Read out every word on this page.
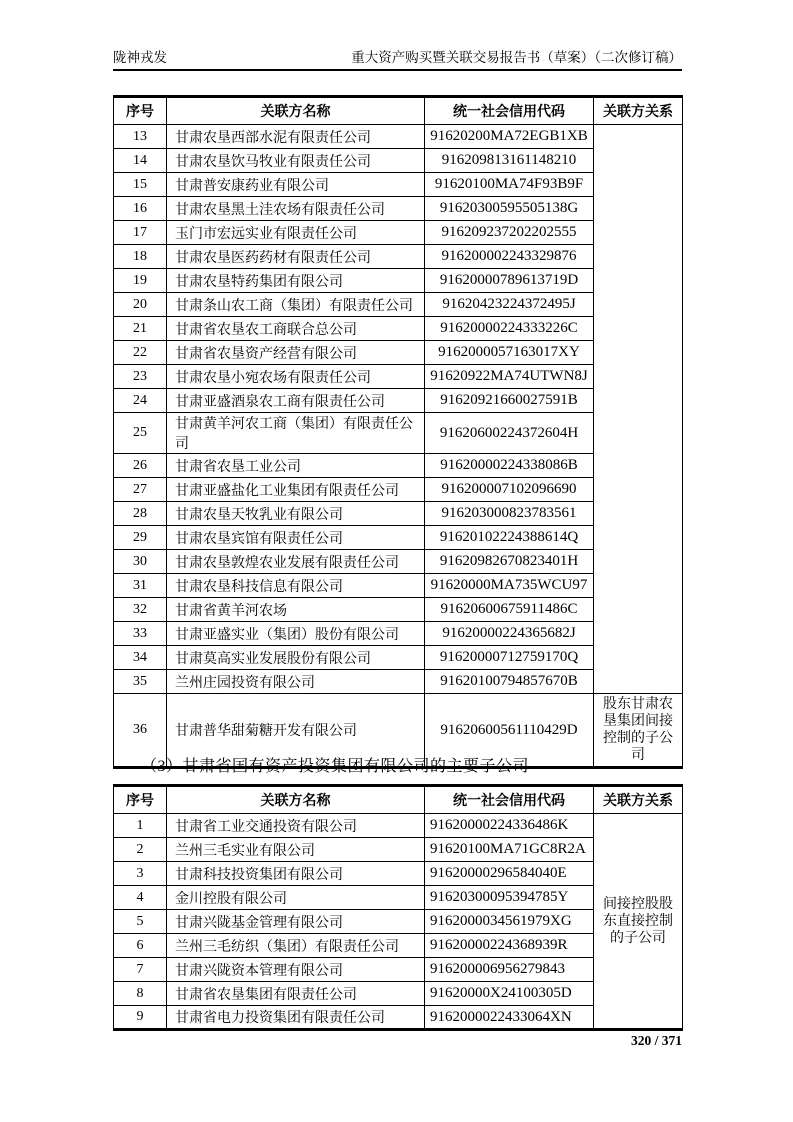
陇神戎发	重大资产购买暨关联交易报告书（草案）（二次修订稿）
序号	关联方名称	统一社会信用代码	关联方关系
13	甘肃农垦西部水泥有限责任公司	91620200MA72EGB1XB	
14	甘肃农垦饮马牧业有限责任公司	916209813161148210	
15	甘肃普安康药业有限公司	91620100MA74F93B9F	
16	甘肃农垦黑土洼农场有限责任公司	91620300595505138G	
17	玉门市宏远实业有限责任公司	916209237202202555	
18	甘肃农垦医药药材有限责任公司	916200002243329876	
19	甘肃农垦特药集团有限公司	91620000789613719D	
20	甘肃条山农工商（集团）有限责任公司	91620423224372495J	
21	甘肃省农垦农工商联合总公司	91620000224333226C	
22	甘肃省农垦资产经营有限公司	9162000057163017XY	
23	甘肃农垦小宛农场有限责任公司	91620922MA74UTWN8J	
24	甘肃亚盛酒泉农工商有限责任公司	91620921660027591B	
25	甘肃黄羊河农工商（集团）有限责任公司	91620600224372604H	
26	甘肃省农垦工业公司	91620000224338086B	
27	甘肃亚盛盐化工业集团有限责任公司	916200007102096690	
28	甘肃农垦天牧乳业有限公司	916203000823783561	
29	甘肃农垦宾馆有限责任公司	91620102224388614Q	
30	甘肃农垦敦煌农业发展有限责任公司	91620982670823401H	
31	甘肃农垦科技信息有限公司	91620000MA735WCU97	
32	甘肃省黄羊河农场	91620600675911486C	
33	甘肃亚盛实业（集团）股份有限公司	91620000224365682J	
34	甘肃莫高实业发展股份有限公司	91620000712759170Q	
35	兰州庄园投资有限公司	91620100794857670B	
36	甘肃普华甜菊糖开发有限公司	91620600561110429D	股东甘肃农垦集团间接控制的子公司
（3）甘肃省国有资产投资集团有限公司的主要子公司
序号	关联方名称	统一社会信用代码	关联方关系
1	甘肃省工业交通投资有限公司	91620000224336486K	间接控股股东直接控制的子公司
2	兰州三毛实业有限公司	91620100MA71GC8R2A	
3	甘肃科技投资集团有限公司	91620000296584040E	
4	金川控股有限公司	91620300095394785Y	
5	甘肃兴陇基金管理有限公司	9162000034561979XG	
6	兰州三毛纺织（集团）有限责任公司	91620000224368939R	
7	甘肃兴陇资本管理有限公司	916200006956279843	
8	甘肃省农垦集团有限责任公司	91620000X24100305D	
9	甘肃省电力投资集团有限责任公司	9162000022433064XN	
320 / 371
